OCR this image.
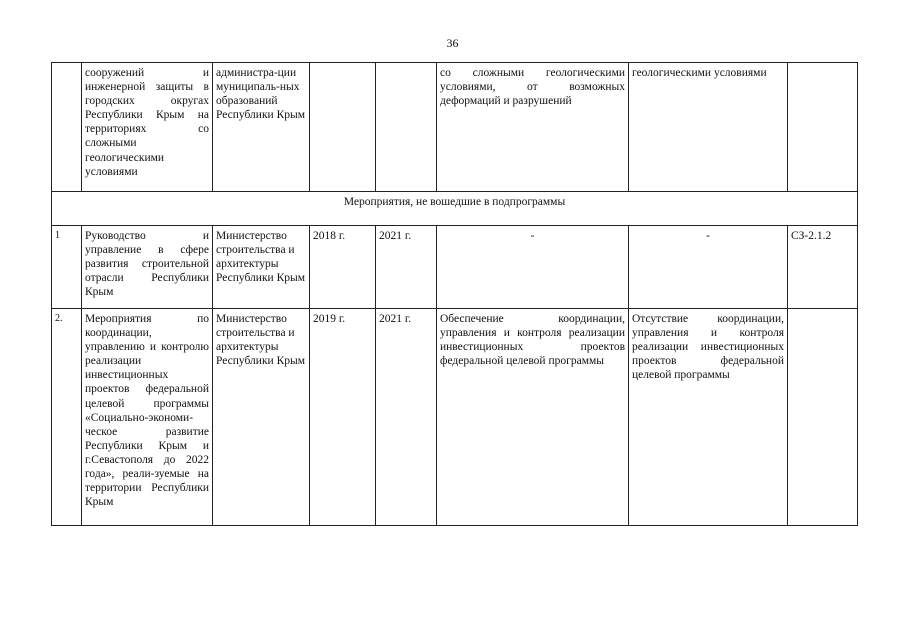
36
	сооружений и инженерной защиты в городских округах Республики Крым на территориях со сложными геологическими условиями	администра-ции муниципаль-ных образований Республики Крым			со сложными геологическими условиями, от возможных деформаций и разрушений	геологическими условиями	
Мероприятия, не вошедшие в подпрограммы							
1	Руководство и управление в сфере развития строительной отрасли Республики Крым	Министерство строительства и архитектуры Республики Крым	2018 г.	2021 г.	-	-	СЗ-2.1.2
2.	Мероприятия по координации, управлению и контролю реализации инвестиционных проектов федеральной целевой программы «Социально-экономи-ческое развитие Республики Крым и г.Севастополя до 2022 года», реали-зуемые на территории Республики Крым	Министерство строительства и архитектуры Республики Крым	2019 г.	2021 г.	Обеспечение координации, управления и контроля реализации инвестиционных проектов федеральной целевой программы	Отсутствие координации, управления и контроля реализации инвестиционных проектов федеральной целевой программы	
